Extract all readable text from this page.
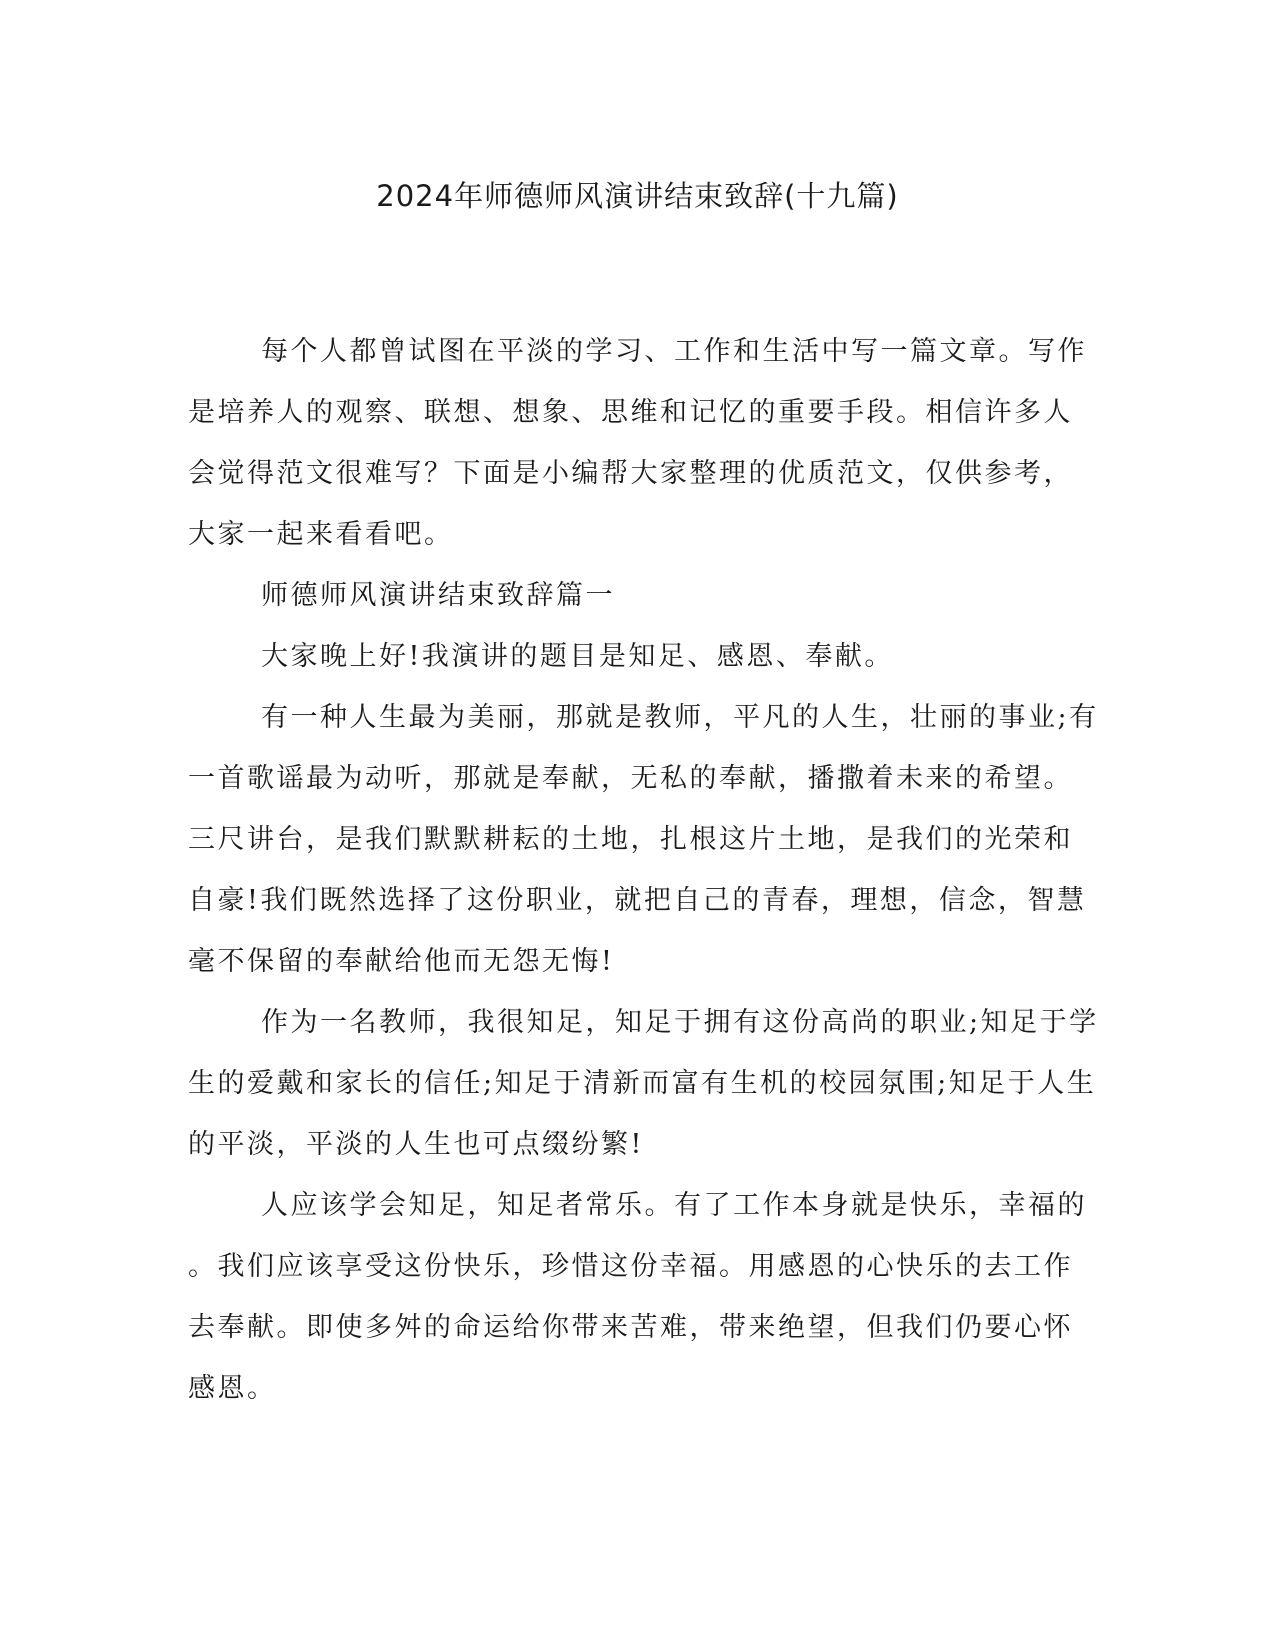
2024年师德师风演讲结束致辞(十九篇)
每个人都曾试图在平淡的学习、工作和生活中写一篇文章。写作
是培养人的观察、联想、想象、思维和记忆的重要手段。相信许多人
会觉得范文很难写？下面是小编帮大家整理的优质范文，仅供参考，
大家一起来看看吧。
师德师风演讲结束致辞篇一
大家晚上好!我演讲的题目是知足、感恩、奉献。
有一种人生最为美丽，那就是教师，平凡的人生，壮丽的事业;有
一首歌谣最为动听，那就是奉献，无私的奉献，播撒着未来的希望。
三尺讲台，是我们默默耕耘的土地，扎根这片土地，是我们的光荣和
自豪!我们既然选择了这份职业，就把自己的青春，理想，信念，智慧
毫不保留的奉献给他而无怨无悔!
作为一名教师，我很知足，知足于拥有这份高尚的职业;知足于学
生的爱戴和家长的信任;知足于清新而富有生机的校园氛围;知足于人生
的平淡，平淡的人生也可点缀纷繁!
人应该学会知足，知足者常乐。有了工作本身就是快乐，幸福的
。我们应该享受这份快乐，珍惜这份幸福。用感恩的心快乐的去工作
去奉献。即使多舛的命运给你带来苦难，带来绝望，但我们仍要心怀
感恩。
